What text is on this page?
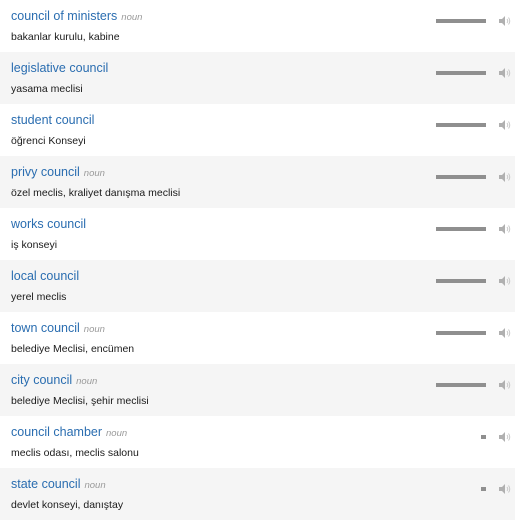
council of ministers noun
bakanlar kurulu, kabine
legislative council
yasama meclisi
student council
öğrenci Konseyi
privy council noun
özel meclis, kraliyet danışma meclisi
works council
iş konseyi
local council
yerel meclis
town council noun
belediye Meclisi, encümen
city council noun
belediye Meclisi, şehir meclisi
council chamber noun
meclis odası, meclis salonu
state council noun
devlet konseyi, danıştay
